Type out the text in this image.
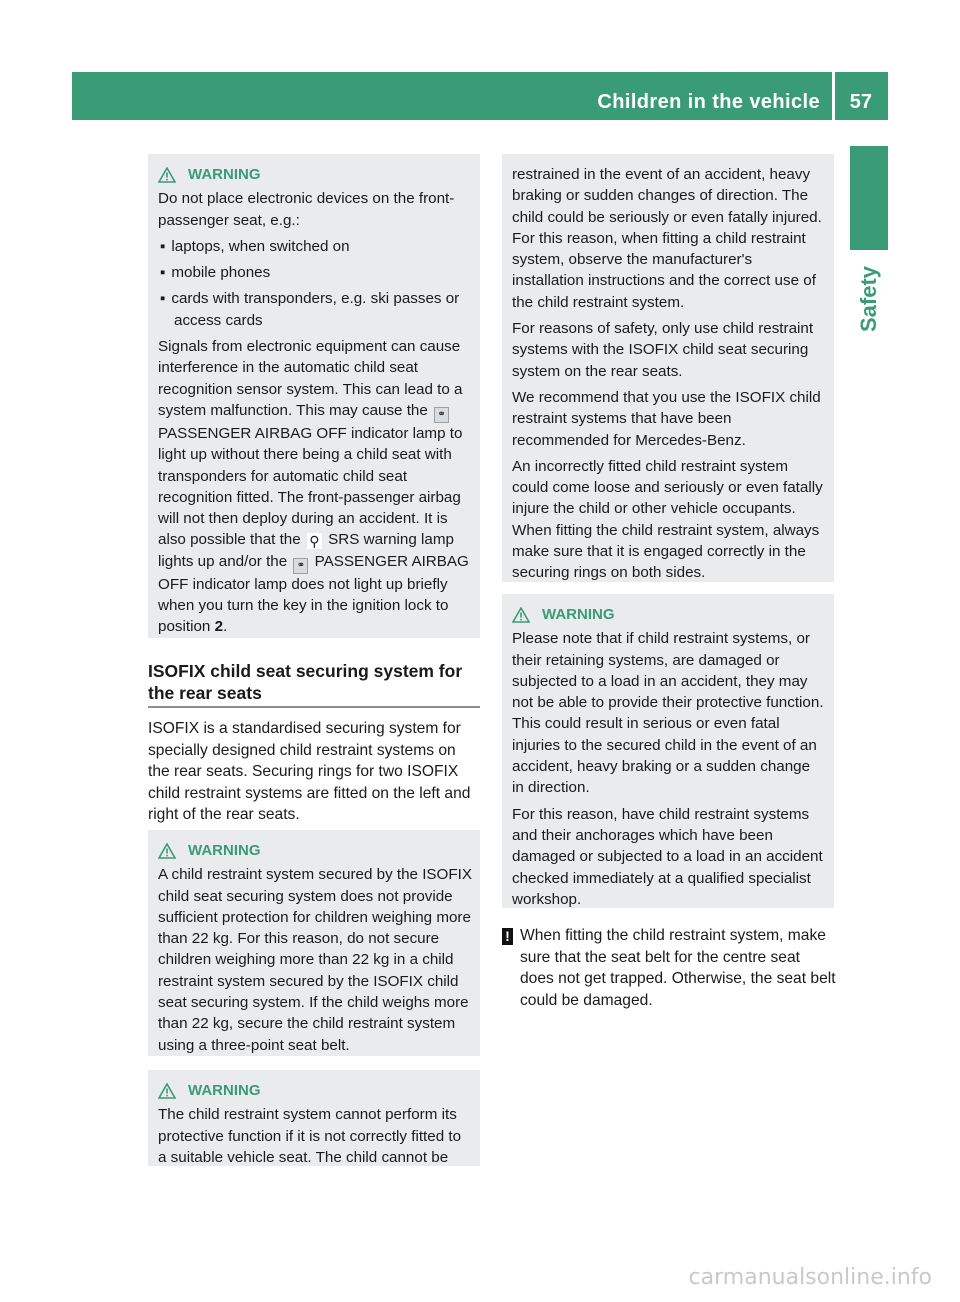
Children in the vehicle 57
Safety
WARNING
Do not place electronic devices on the front-passenger seat, e.g.:
▪ laptops, when switched on
▪ mobile phones
▪ cards with transponders, e.g. ski passes or access cards
Signals from electronic equipment can cause interference in the automatic child seat recognition sensor system. This can lead to a system malfunction. This may cause the ⚭ PASSENGER AIRBAG OFF indicator lamp to light up without there being a child seat with transponders for automatic child seat recognition fitted. The front-passenger airbag will not then deploy during an accident. It is also possible that the ⚲ SRS warning lamp lights up and/or the ⚭ PASSENGER AIRBAG OFF indicator lamp does not light up briefly when you turn the key in the ignition lock to position 2.
ISOFIX child seat securing system for the rear seats
ISOFIX is a standardised securing system for specially designed child restraint systems on the rear seats. Securing rings for two ISOFIX child restraint systems are fitted on the left and right of the rear seats.
WARNING
A child restraint system secured by the ISOFIX child seat securing system does not provide sufficient protection for children weighing more than 22 kg. For this reason, do not secure children weighing more than 22 kg in a child restraint system secured by the ISOFIX child seat securing system. If the child weighs more than 22 kg, secure the child restraint system using a three-point seat belt.
WARNING
The child restraint system cannot perform its protective function if it is not correctly fitted to a suitable vehicle seat. The child cannot be
restrained in the event of an accident, heavy braking or sudden changes of direction. The child could be seriously or even fatally injured. For this reason, when fitting a child restraint system, observe the manufacturer's installation instructions and the correct use of the child restraint system.
For reasons of safety, only use child restraint systems with the ISOFIX child seat securing system on the rear seats.
We recommend that you use the ISOFIX child restraint systems that have been recommended for Mercedes-Benz.
An incorrectly fitted child restraint system could come loose and seriously or even fatally injure the child or other vehicle occupants. When fitting the child restraint system, always make sure that it is engaged correctly in the securing rings on both sides.
WARNING
Please note that if child restraint systems, or their retaining systems, are damaged or subjected to a load in an accident, they may not be able to provide their protective function. This could result in serious or even fatal injuries to the secured child in the event of an accident, heavy braking or a sudden change in direction.
For this reason, have child restraint systems and their anchorages which have been damaged or subjected to a load in an accident checked immediately at a qualified specialist workshop.
! When fitting the child restraint system, make sure that the seat belt for the centre seat does not get trapped. Otherwise, the seat belt could be damaged.
carmanualsonline.info
